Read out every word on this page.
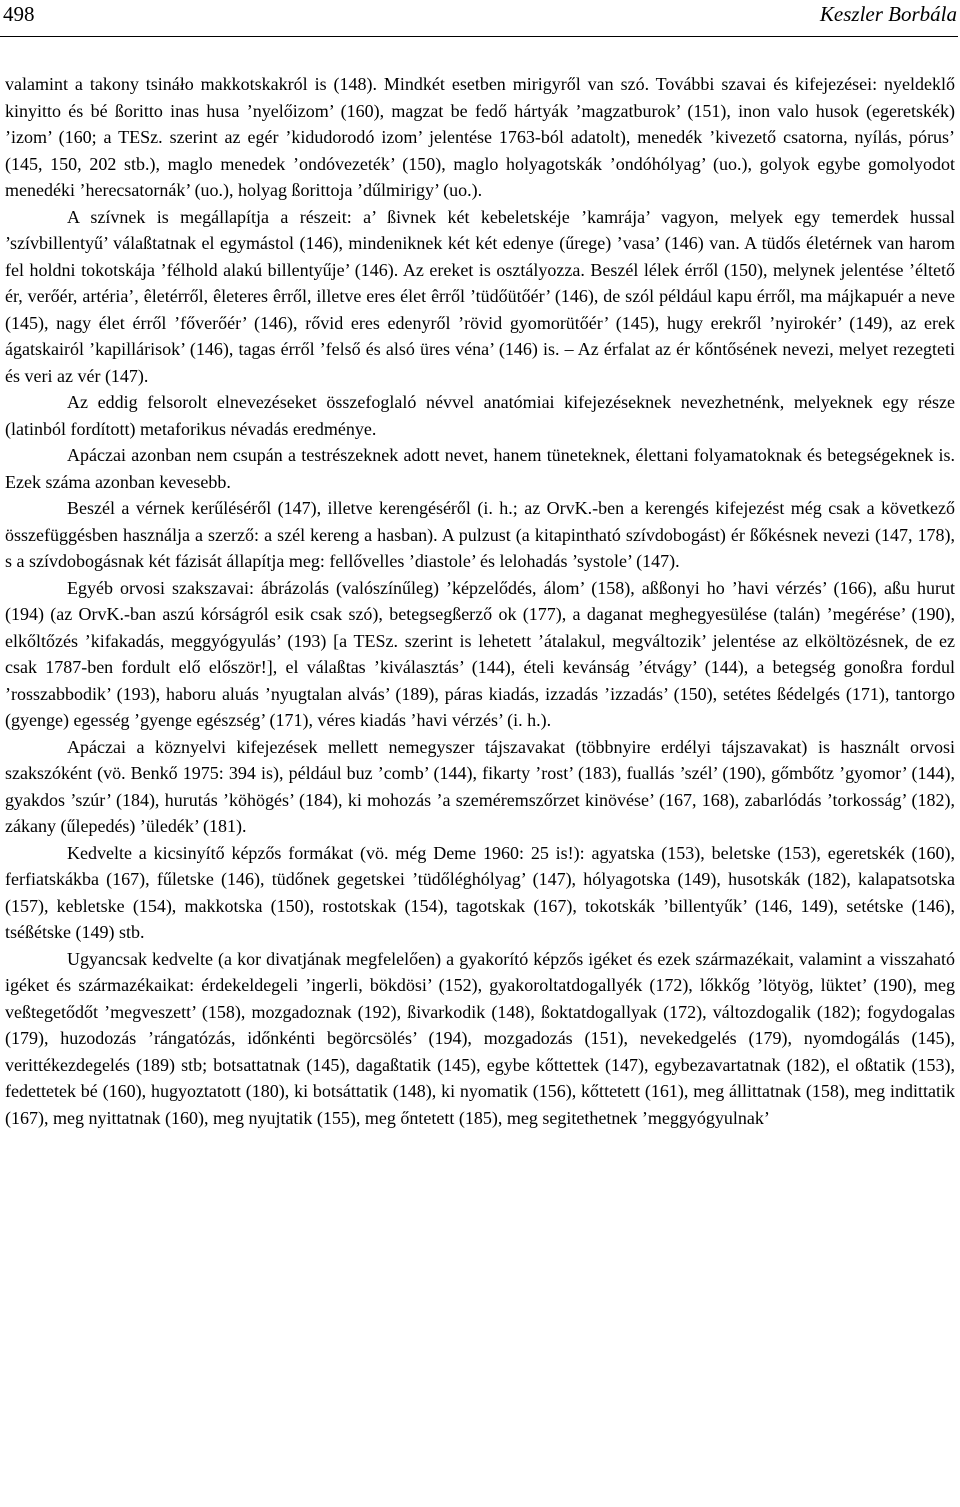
498	Keszler Borbála

valamint a takony tsináło makkotskakról is (148). Mindkét esetben mirigyről van szó. További szavai és kifejezései: nyeldeklő kinyitto és bé ßoritto inas husa ’nyelőizom’ (160), magzat be fedő hártyák ’magzatburok’ (151), inon valo husok (egeretskék) ’izom’ (160; a TESz. szerint az egér ’kidudorodó izom’ jelentése 1763-ból adatolt), menedék ’kivezető csatorna, nyílás, pórus’ (145, 150, 202 stb.), maglo menedek ’ondóvezeték’ (150), maglo holyagotskák ’ondóhólyag’ (uo.), golyok egybe gomolyodot menedéki ’herecsatornák’ (uo.), holyag ßorittoja ’dűlmirigy’ (uo.).

A szívnek is megállapítja a részeit: a’ ßivnek két kebeletskéje ’kamrája’ vagyon, melyek egy temerdek hussal ’szívbillentyű’ válaßtatnak el egymástol (146), mindeniknek két két edenye (űrege) ’vasa’ (146) van. A tüdős életérnek van harom fel holdni tokotskája ’félhold alakú billentyűje’ (146). Az ereket is osztályozza. Beszél lélek érről (150), melynek jelentése ’éltető ér, verőér, artéria’, êletérről, êleteres êrről, illetve eres élet êrről ’tüdőütőér’ (146), de szól például kapu érről, ma májkapuér a neve (145), nagy élet érről ’főverőér’ (146), rővid eres edenyről ’rövid gyomorütőér’ (145), hugy erekről ’nyirokér’ (149), az erek ágatskairól ’kapillárisok’ (146), tagas érről ’felső és alsó üres véna’ (146) is. – Az érfalat az ér kőntősének nevezi, melyet rezegteti és veri az vér (147).

Az eddig felsorolt elnevezéseket összefoglaló névvel anatómiai kifejezéseknek nevezhetnénk, melyeknek egy része (latinból fordított) metaforikus névadás eredménye.

Apáczai azonban nem csupán a testrészeknek adott nevet, hanem tüneteknek, élettani folyamatoknak és betegségeknek is. Ezek száma azonban kevesebb.

Beszél a vérnek kerűléséről (147), illetve kerengéséről (i. h.; az OrvK.-ben a kerengés kifejezést még csak a következő összefüggésben használja a szerző: a szél kereng a hasban). A pulzust (a kitapintható szívdobogást) ér ßőkésnek nevezi (147, 178), s a szívdobogásnak két fázisát állapítja meg: fellővelles ’diastole’ és lelohadás ’systole’ (147).

Egyéb orvosi szakszavai: ábrázolás (valószínűleg) ’képzelődés, álom’ (158), aßßonyi ho ’havi vérzés’ (166), aßu hurut (194) (az OrvK.-ban aszú kórságról esik csak szó), betegsegßerző ok (177), a daganat meghegyesülése (talán) ’megérése’ (190), elkőltőzés ’kifakadás, meggyógyulás’ (193) [a TESz. szerint is lehetett ’átalakul, megváltozik’ jelentése az elköltözésnek, de ez csak 1787-ben fordult elő először!], el válaßtas ’kiválasztás’ (144), ételi kevánság ’étvágy’ (144), a betegség gonoßra fordul ’rosszabbodik’ (193), haboru aluás ’nyugtalan alvás’ (189), páras kiadás, izzadás ’izzadás’ (150), setétes ßédelgés (171), tantorgo (gyenge) egesség ’gyenge egészség’ (171), véres kiadás ’havi vérzés’ (i. h.).

Apáczai a köznyelvi kifejezések mellett nemegyszer tájszavakat (többnyire erdélyi tájszavakat) is használt orvosi szakszóként (vö. Benkő 1975: 394 is), például buz ’comb’ (144), fikarty ’rost’ (183), fuallás ’szél’ (190), gőmbőtz ’gyomor’ (144), gyakdos ’szúr’ (184), hurutás ’köhögés’ (184), ki mohozás ’a szeméremszőrzet kinövése’ (167, 168), zabarlódás ’torkosság’ (182), zákany (űlepedés) ’üledék’ (181).

Kedvelte a kicsinyítő képzős formákat (vö. még Deme 1960: 25 is!): agyatska (153), beletske (153), egeretskék (160), ferfiatskákba (167), fűletske (146), tüdőnek gegetskei ’tüdőléghólyag’ (147), hólyagotska (149), husotskák (182), kalapatsotska (157), kebletske (154), makkotska (150), rostotskak (154), tagotskak (167), tokotskák ’billentyűk’ (146, 149), setétske (146), tséßétske (149) stb.

Ugyancsak kedvelte (a kor divatjának megfelelően) a gyakorító képzős igéket és ezek származékait, valamint a visszaható igéket és származékaikat: érdekeldegeli ’ingerli, bökdösi’ (152), gyakoroltatdogallyék (172), lőkkőg ’lötyög, lüktet’ (190), meg veßtegetődőt ’megveszett’ (158), mozgadoznak (192), ßivarkodik (148), ßoktatdogallyak (172), változdogalik (182); fogydogalas (179), huzodozás ’rángatózás, időnkénti begörcsölés’ (194), mozgadozás (151), nevekedgelés (179), nyomdogálás (145), verittékezdegelés (189) stb; botsattatnak (145), dagaßtatik (145), egybe kőttettek (147), egybezavartatnak (182), el oßtatik (153), fedettetek bé (160), hugyoztatott (180), ki botsáttatik (148), ki nyomatik (156), kőttetett (161), meg állittatnak (158), meg indittatik (167), meg nyittatnak (160), meg nyujtatik (155), meg őntetett (185), meg segitethetnek ’meggyógyulnak’
